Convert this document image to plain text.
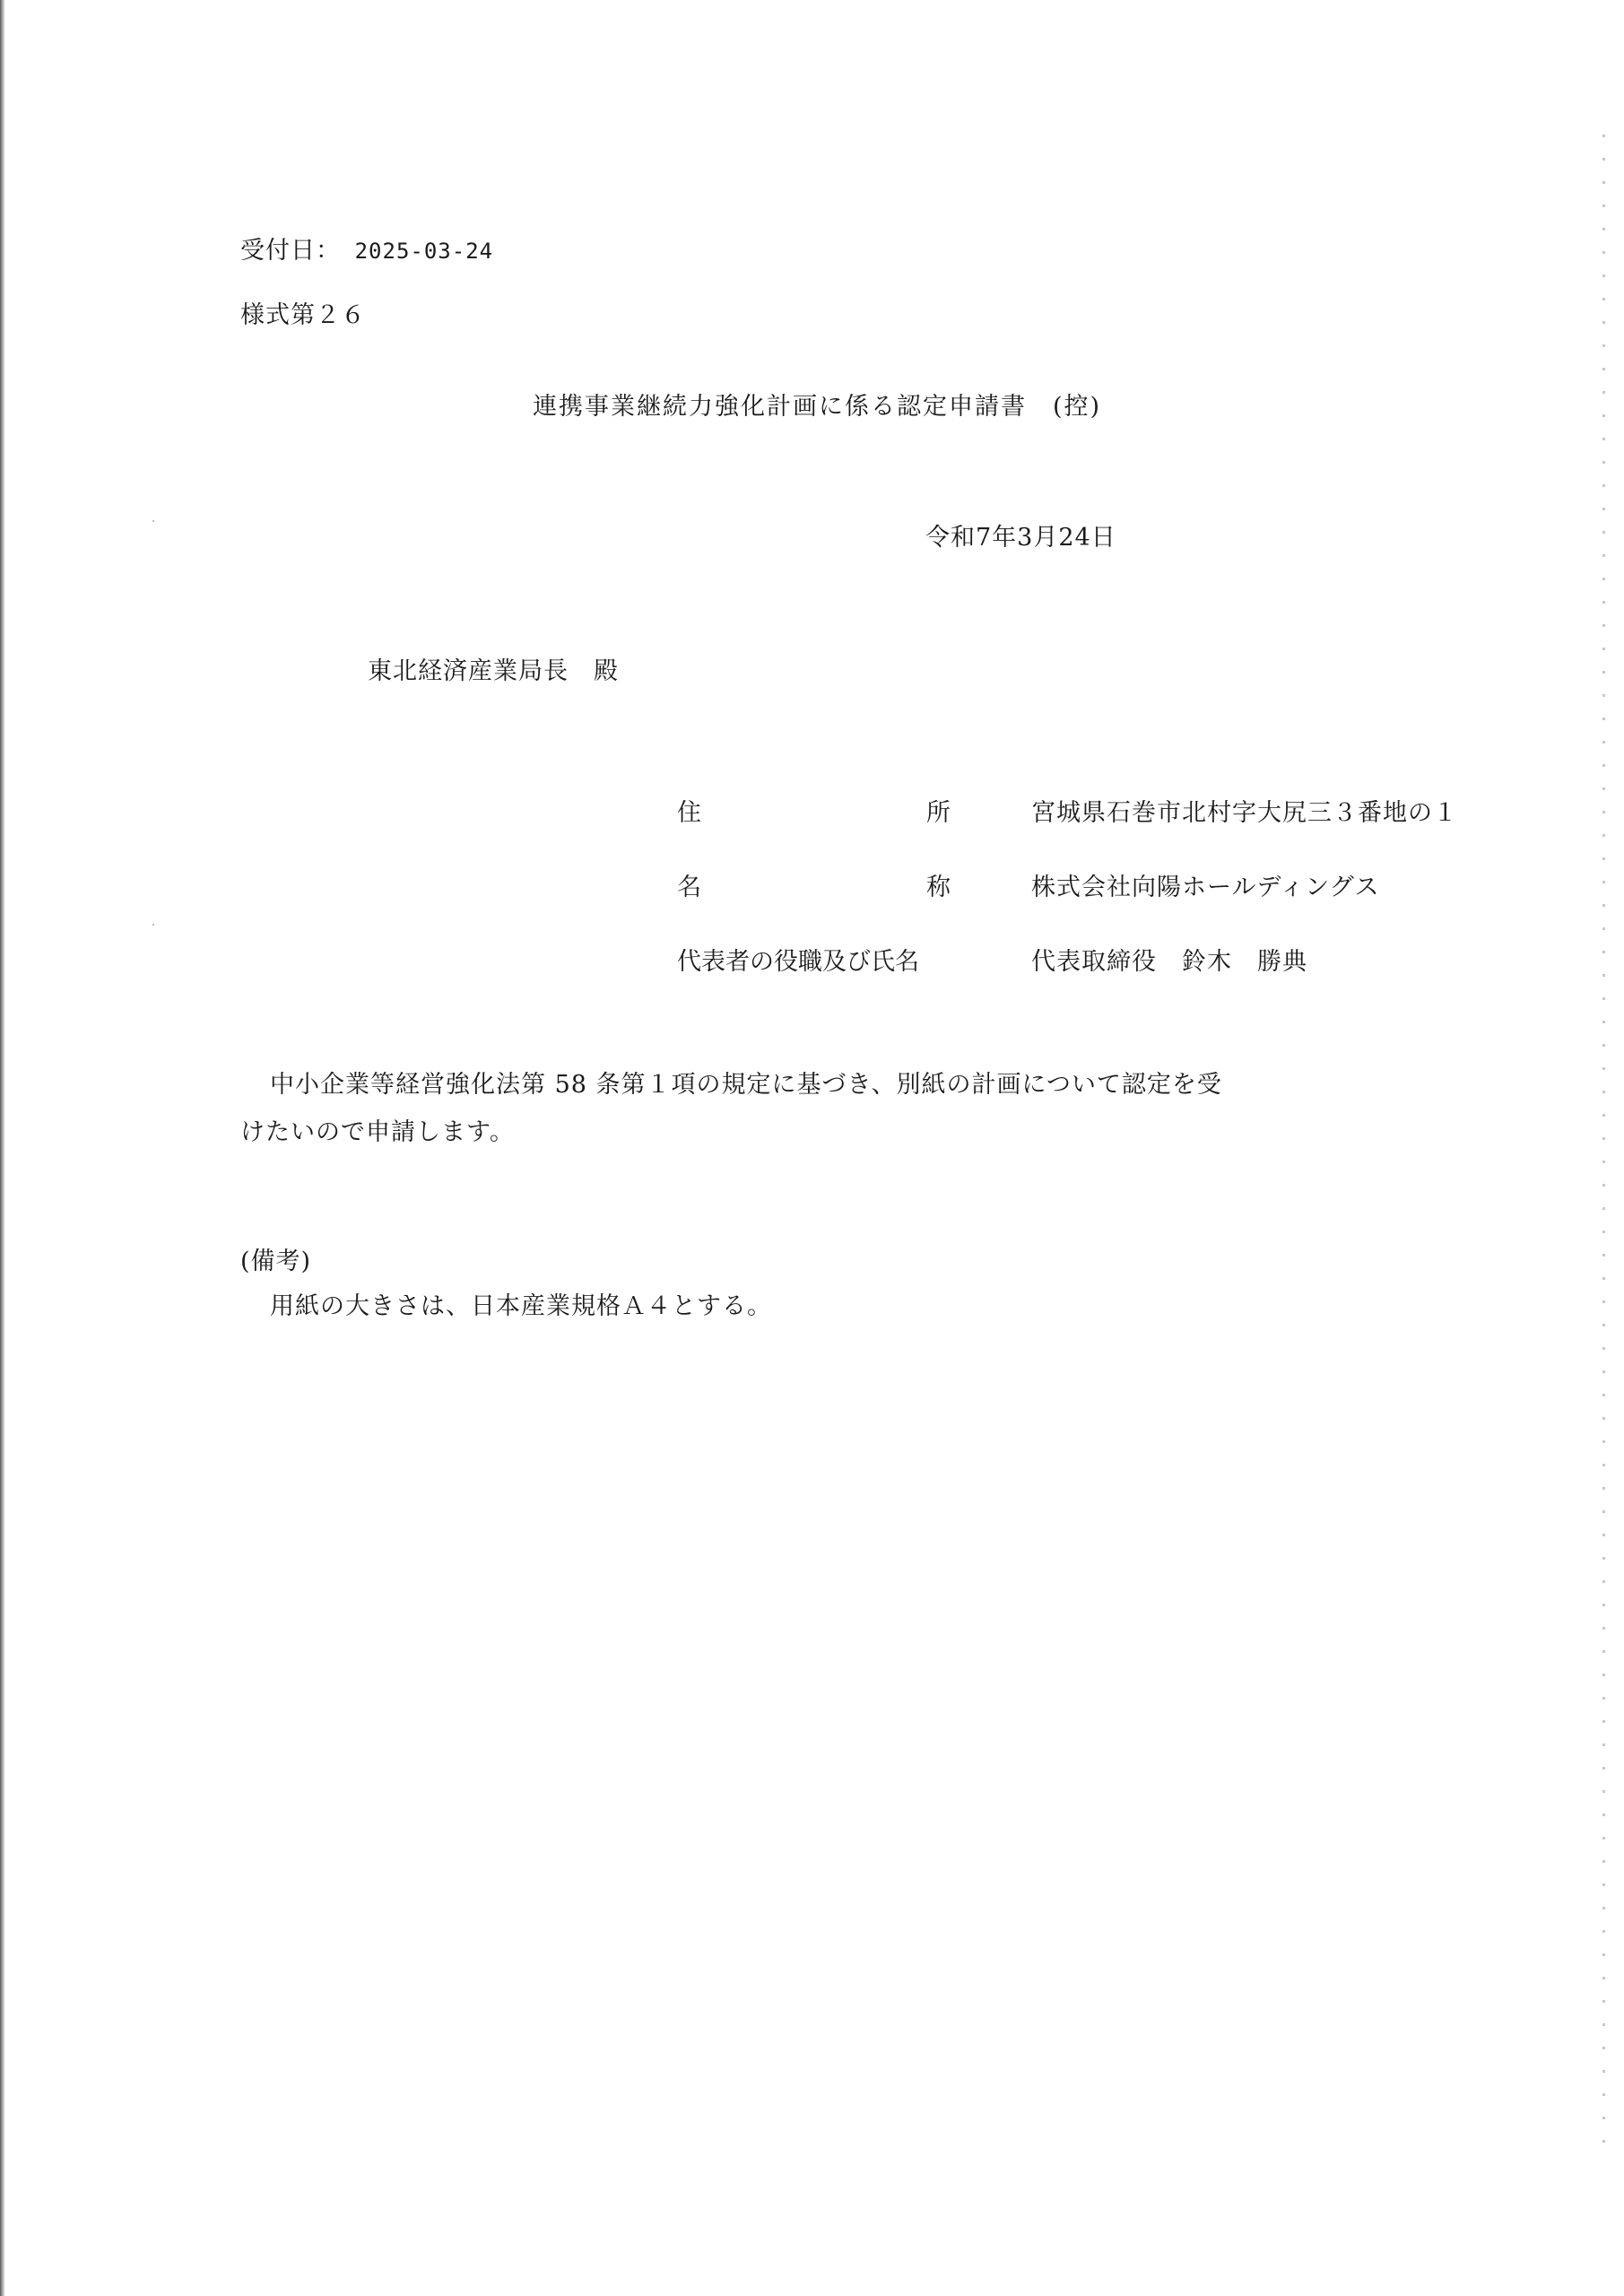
受付日： 2025-03-24
様式第２６
連携事業継続力強化計画に係る認定申請書　(控)
令和7年3月24日
東北経済産業局長　殿
住	所	宮城県石巻市北村字大尻三３番地の１
名	称	株式会社向陽ホールディングス
代表者の役職及び氏名	代表取締役　鈴木　勝典
中小企業等経営強化法第 58 条第１項の規定に基づき、別紙の計画について認定を受
けたいので申請します。
(備考)
用紙の大きさは、日本産業規格Ａ４とする。
